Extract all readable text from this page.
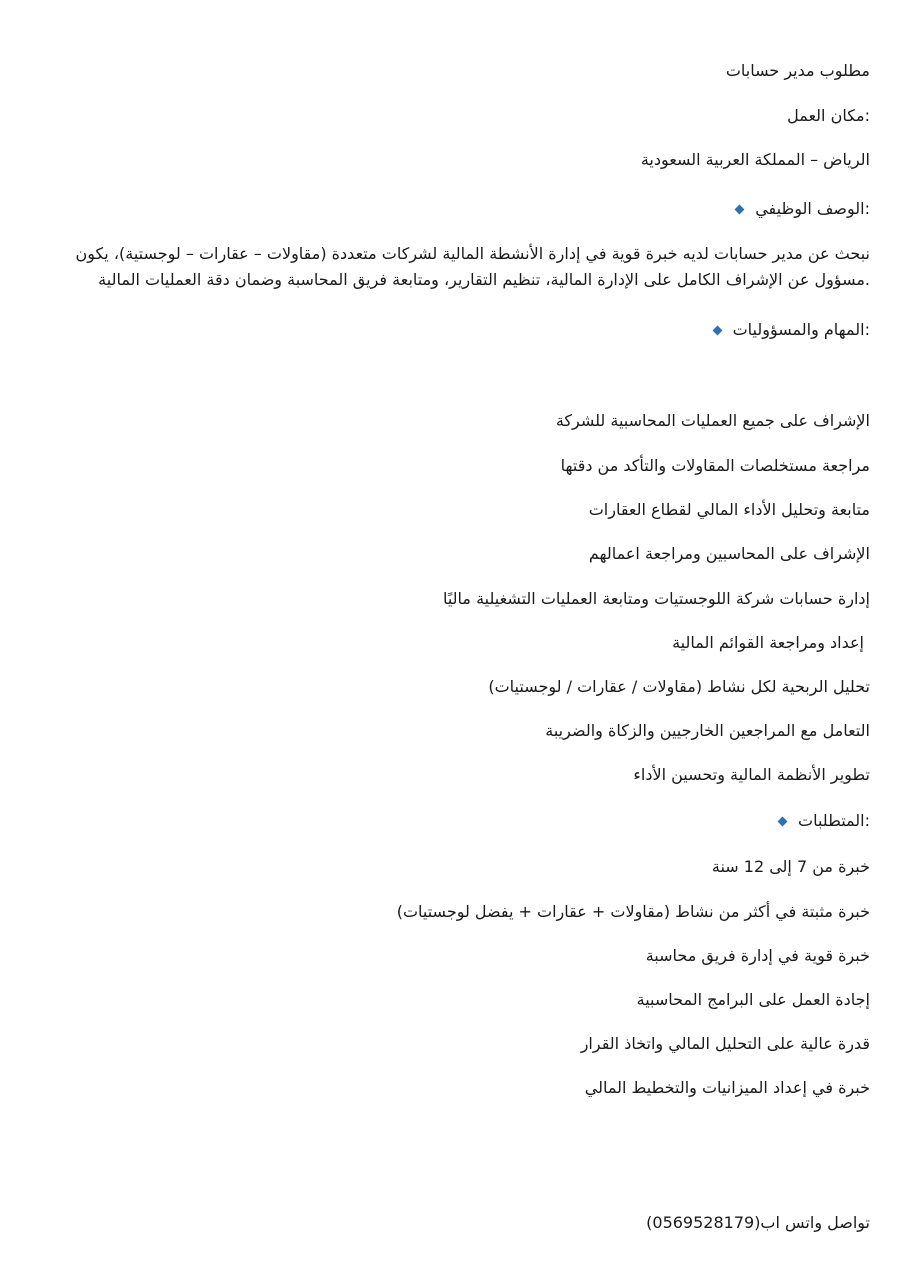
مطلوب مدير حسابات
:مكان العمل
الرياض – المملكة العربية السعودية
:الوصف الوظيفي
نبحث عن مدير حسابات لديه خبرة قوية في إدارة الأنشطة المالية لشركات متعددة (مقاولات – عقارات – لوجستية)، يكون
.مسؤول عن الإشراف الكامل على الإدارة المالية، تنظيم التقارير، ومتابعة فريق المحاسبة وضمان دقة العمليات المالية
:المهام والمسؤوليات
الإشراف على جميع العمليات المحاسبية للشركة
مراجعة مستخلصات المقاولات والتأكد من دقتها
متابعة وتحليل الأداء المالي لقطاع العقارات
الإشراف على المحاسبين ومراجعة اعمالهم
إدارة حسابات شركة اللوجستيات ومتابعة العمليات التشغيلية ماليًا
إعداد ومراجعة القوائم المالية
تحليل الربحية لكل نشاط (مقاولات / عقارات / لوجستيات)
التعامل مع المراجعين الخارجيين والزكاة والضريبة
تطوير الأنظمة المالية وتحسين الأداء
:المتطلبات
خبرة من 7 إلى 12 سنة
خبرة مثبتة في أكثر من نشاط (مقاولات + عقارات + يفضل لوجستيات)
خبرة قوية في إدارة فريق محاسبة
إجادة العمل على البرامج المحاسبية
قدرة عالية على التحليل المالي واتخاذ القرار
خبرة في إعداد الميزانيات والتخطيط المالي
تواصل واتس اب(0569528179)
